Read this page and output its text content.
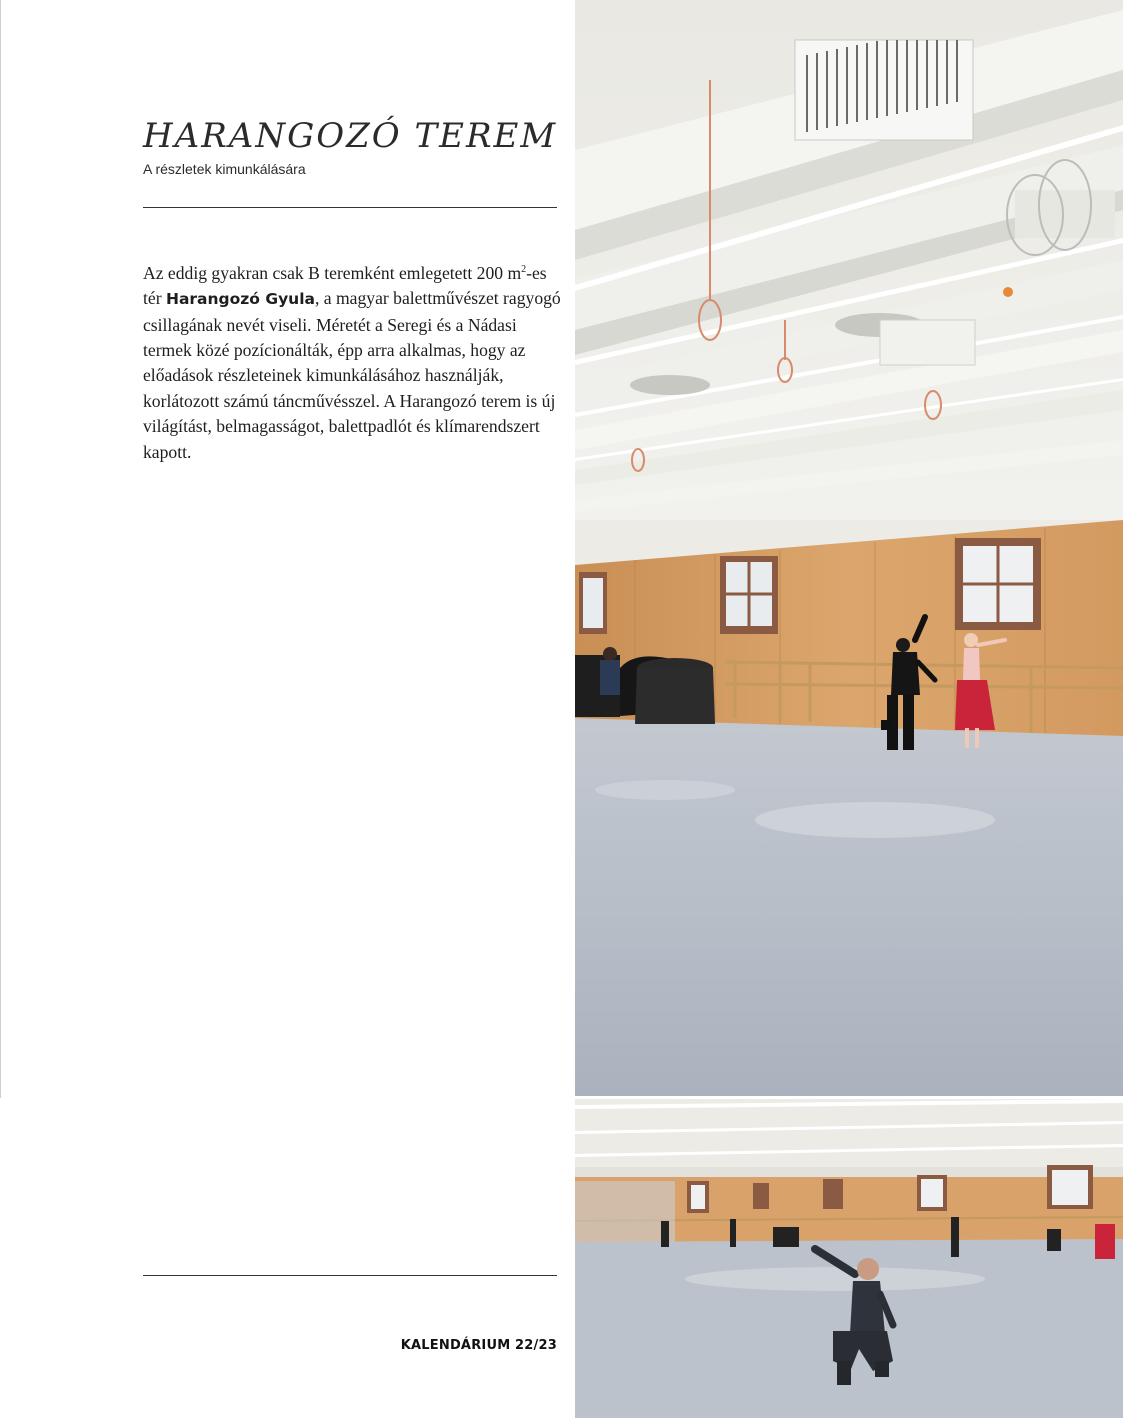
HARANGOZÓ TEREM
A részletek kimunkálására

Az eddig gyakran csak B teremként emlegetett 200 $m^2-es$ tér Harangozó Gyula, a magyar balettművészet ragyogó csillagának nevét viseli. Méretét a Seregi és a Nádasi termek közé pozícionálták, épp arra alkalmas, hogy az előadások részleteinek kimunkálásához használják, korlátozott számú táncművésszel. A Harangozó terem is új világítást, belmagasságot, balettpadlót és klímarendszert kapott.

KALENDÁRIUM 22/23
